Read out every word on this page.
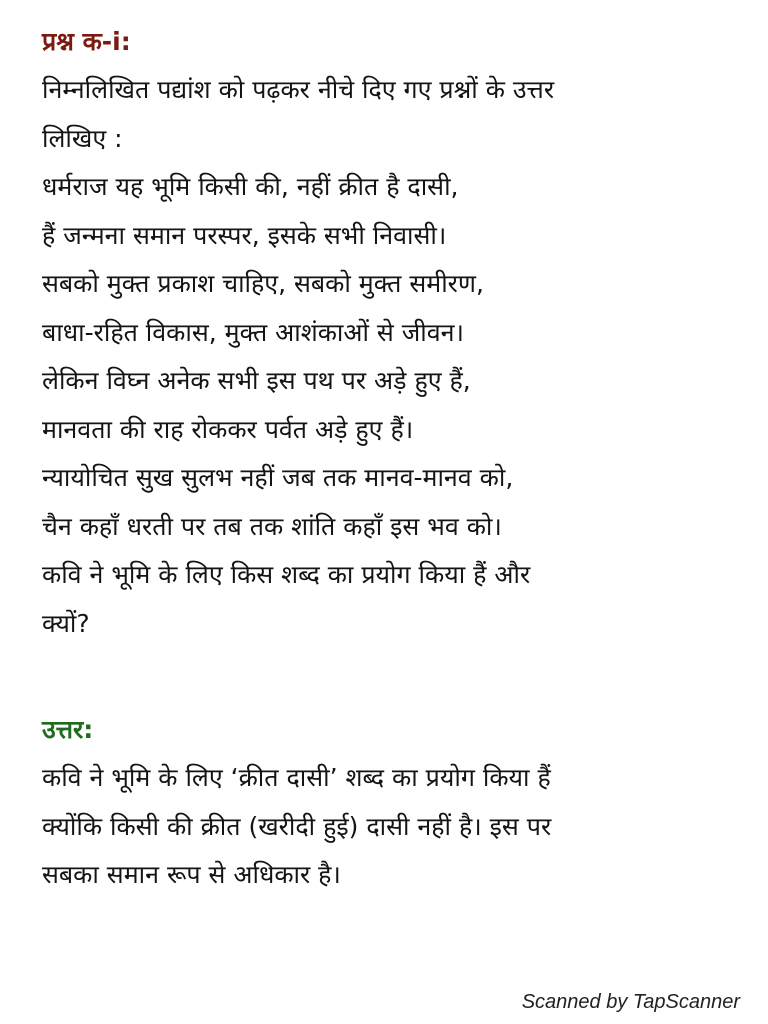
प्रश्न क-i:
निम्नलिखित पद्यांश को पढ़कर नीचे दिए गए प्रश्नों के उत्तर
लिखिए :
धर्मराज यह भूमि किसी की, नहीं क्रीत है दासी,
हैं जन्मना समान परस्पर, इसके सभी निवासी।
सबको मुक्त प्रकाश चाहिए, सबको मुक्त समीरण,
बाधा-रहित विकास, मुक्त आशंकाओं से जीवन।
लेकिन विघ्न अनेक सभी इस पथ पर अड़े हुए हैं,
मानवता की राह रोककर पर्वत अड़े हुए हैं।
न्यायोचित सुख सुलभ नहीं जब तक मानव-मानव को,
चैन कहाँ धरती पर तब तक शांति कहाँ इस भव को।
कवि ने भूमि के लिए किस शब्द का प्रयोग किया हैं और
क्यों?
उत्तर:
कवि ने भूमि के लिए ‘क्रीत दासी’ शब्द का प्रयोग किया हैं
क्योंकि किसी की क्रीत (खरीदी हुई) दासी नहीं है। इस पर
सबका समान रूप से अधिकार है।
Scanned by TapScanner
